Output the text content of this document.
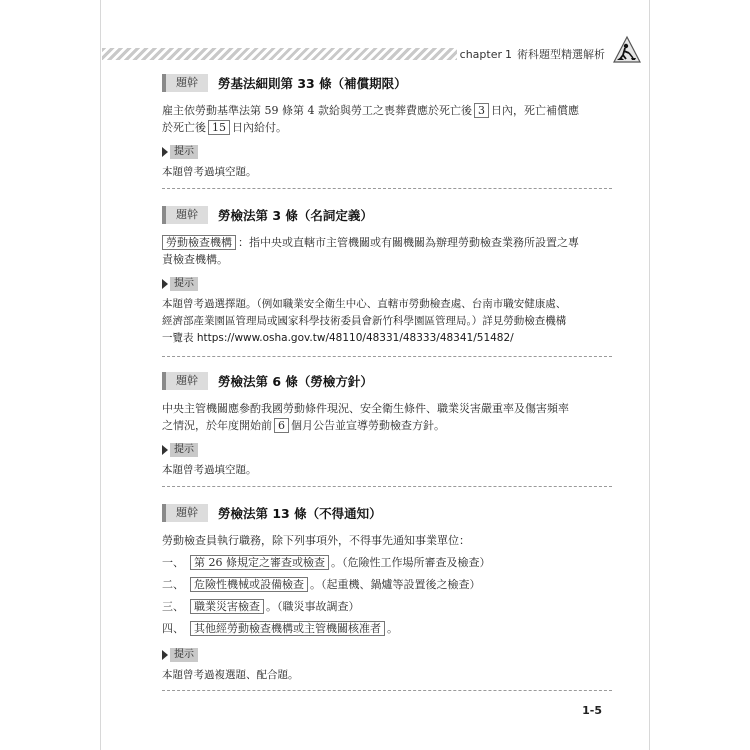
chapter 1 術科題型精選解析
題幹	勞基法細則第 33 條（補償期限）
雇主依勞動基準法第 59 條第 4 款給與勞工之喪葬費應於死亡後 3 日內，死亡補償應
於死亡後 15 日內給付。
提示
本題曾考過填空題。
題幹	勞檢法第 3 條（名詞定義）
勞動檢查機構 ：指中央或直轄市主管機關或有關機關為辦理勞動檢查業務所設置之專
責檢查機構。
提示
本題曾考過選擇題。（例如職業安全衛生中心、直轄市勞動檢查處、台南市職安健康處、
經濟部產業園區管理局或國家科學技術委員會新竹科學園區管理局。）詳見勞動檢查機構
一覽表 https://www.osha.gov.tw/48110/48331/48333/48341/51482/
題幹	勞檢法第 6 條（勞檢方針）
中央主管機關應參酌我國勞動條件現況、安全衛生條件、職業災害嚴重率及傷害頻率
之情況，於年度開始前 6 個月公告並宣導勞動檢查方針。
提示
本題曾考過填空題。
題幹	勞檢法第 13 條（不得通知）
勞動檢查員執行職務，除下列事項外，不得事先通知事業單位：
一、 第 26 條規定之審查或檢查 。（危險性工作場所審查及檢查）
二、 危險性機械或設備檢查 。（起重機、鍋爐等設置後之檢查）
三、 職業災害檢查 。（職災事故調查）
四、 其他經勞動檢查機構或主管機關核准者 。
提示
本題曾考過複選題、配合題。
1-5
